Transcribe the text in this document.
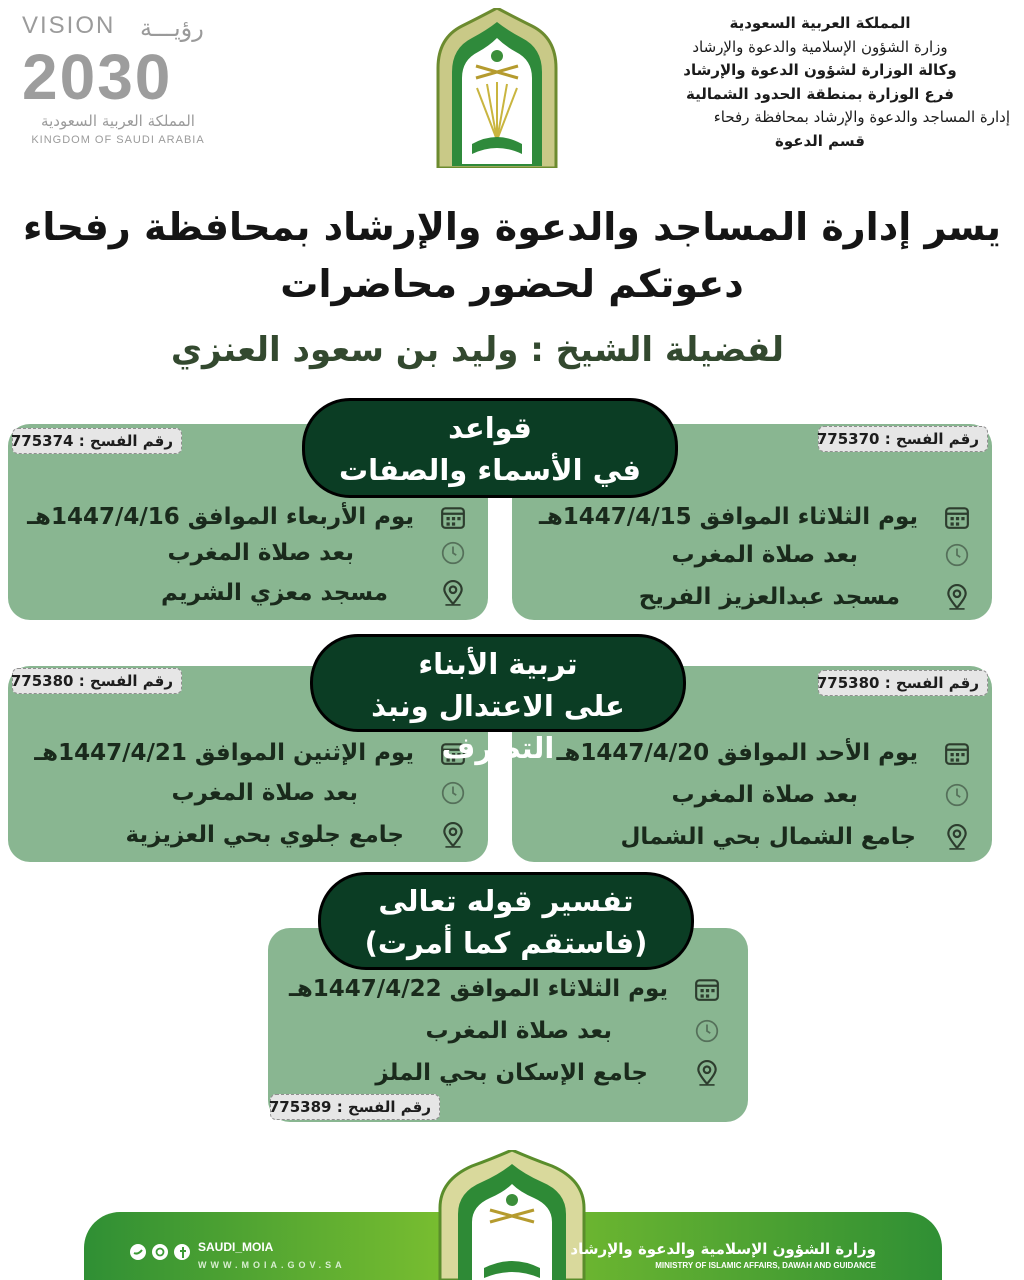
المملكة العربية السعودية
وزارة الشؤون الإسلامية والدعوة والإرشاد
وكالة الوزارة لشؤون الدعوة والإرشاد
فرع الوزارة بمنطقة الحدود الشمالية
إدارة المساجد والدعوة والإرشاد بمحافظة رفحاء
قسم الدعوة
VISION رؤيـــة
2030
المملكة العربية السعودية
KINGDOM OF SAUDI ARABIA
يسر إدارة المساجد والدعوة والإرشاد بمحافظة رفحاء
دعوتكم لحضور محاضرات
لفضيلة الشيخ : وليد بن سعود العنزي
يوم الثلاثاء الموافق 1447/4/15هـ
بعد صلاة المغرب
مسجد عبدالعزيز الفريح
رقم الفسح : 775370
يوم الأربعاء الموافق 1447/4/16هـ
بعد صلاة المغرب
مسجد معزي الشريم
رقم الفسح : 775374	قواعد
في الأسماء والصفات
يوم الأحد الموافق 1447/4/20هـ
بعد صلاة المغرب
جامع الشمال بحي الشمال
رقم الفسح : 775380
يوم الإثنين الموافق 1447/4/21هـ
بعد صلاة المغرب
جامع جلوي بحي العزيزية
رقم الفسح : 775380	تربية الأبناء
على الاعتدال ونبذ التطرف
يوم الثلاثاء الموافق 1447/4/22هـ
بعد صلاة المغرب
جامع الإسكان بحي الملز
رقم الفسح : 775389
تفسير قوله تعالى
(فاستقم كما أمرت)
وزارة الشؤون الإسلامية والدعوة والإرشاد
MINISTRY OF ISLAMIC AFFAIRS, DAWAH AND GUIDANCE
SAUDI_MOIA
WWW.MOIA.GOV.SA
